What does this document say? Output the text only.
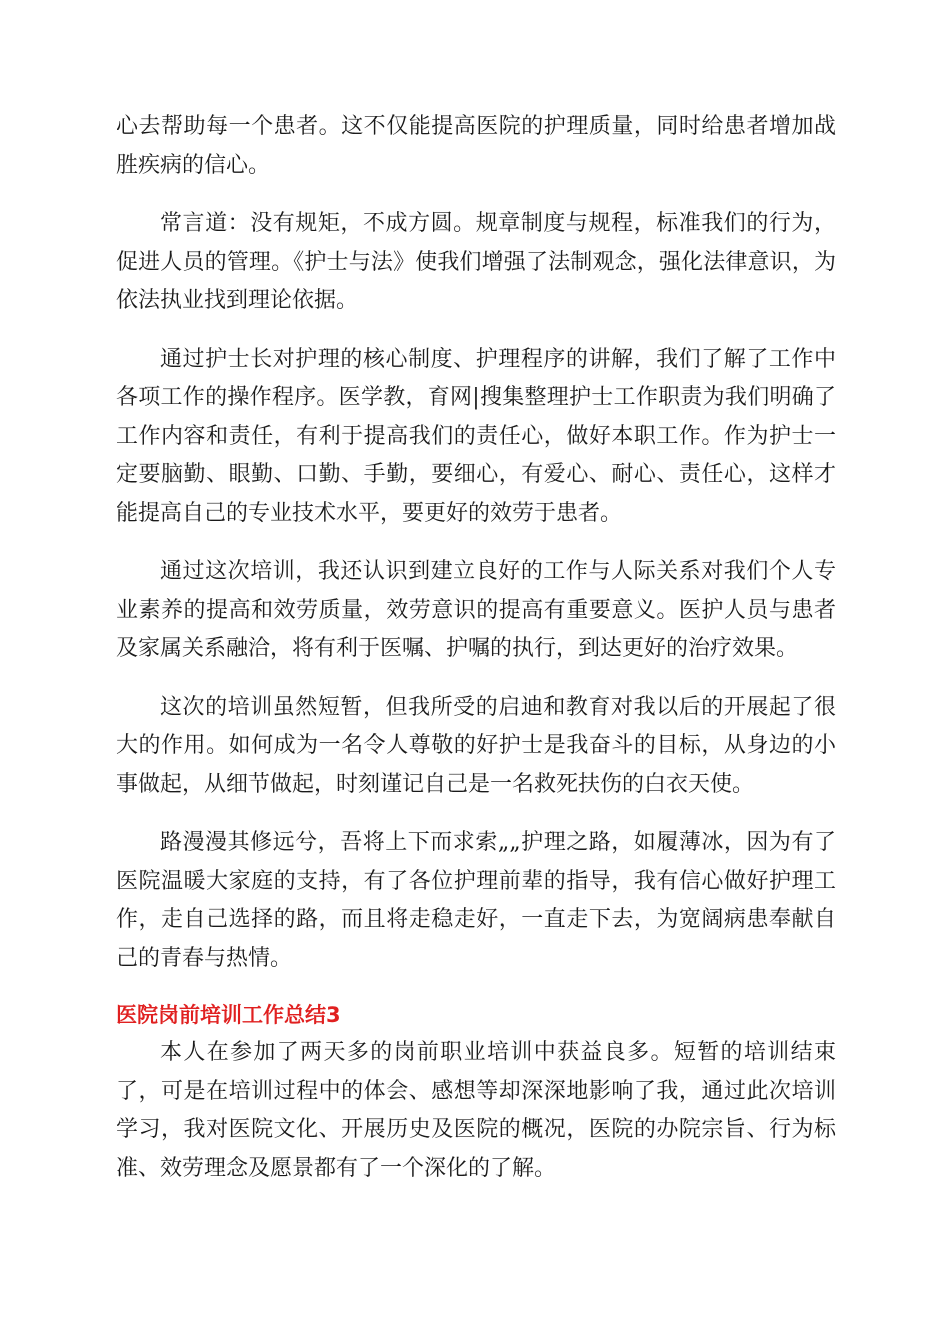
心去帮助每一个患者。这不仅能提高医院的护理质量，同时给患者增加战胜疾病的信心。

常言道：没有规矩，不成方圆。规章制度与规程，标准我们的行为，促进人员的管理。《护士与法》使我们增强了法制观念，强化法律意识，为依法执业找到理论依据。

通过护士长对护理的核心制度、护理程序的讲解，我们了解了工作中各项工作的操作程序。医学教，育网|搜集整理护士工作职责为我们明确了工作内容和责任，有利于提高我们的责任心，做好本职工作。作为护士一定要脑勤、眼勤、口勤、手勤，要细心，有爱心、耐心、责任心，这样才能提高自己的专业技术水平，要更好的效劳于患者。

通过这次培训，我还认识到建立良好的工作与人际关系对我们个人专业素养的提高和效劳质量，效劳意识的提高有重要意义。医护人员与患者及家属关系融洽，将有利于医嘱、护嘱的执行，到达更好的治疗效果。

这次的培训虽然短暂，但我所受的启迪和教育对我以后的开展起了很大的作用。如何成为一名令人尊敬的好护士是我奋斗的目标，从身边的小事做起，从细节做起，时刻谨记自己是一名救死扶伤的白衣天使。

路漫漫其修远兮，吾将上下而求索„„护理之路，如履薄冰，因为有了医院温暖大家庭的支持，有了各位护理前辈的指导，我有信心做好护理工作，走自己选择的路，而且将走稳走好，一直走下去，为宽阔病患奉献自己的青春与热情。

医院岗前培训工作总结3

本人在参加了两天多的岗前职业培训中获益良多。短暂的培训结束了，可是在培训过程中的体会、感想等却深深地影响了我，通过此次培训学习，我对医院文化、开展历史及医院的概况，医院的办院宗旨、行为标准、效劳理念及愿景都有了一个深化的了解。
